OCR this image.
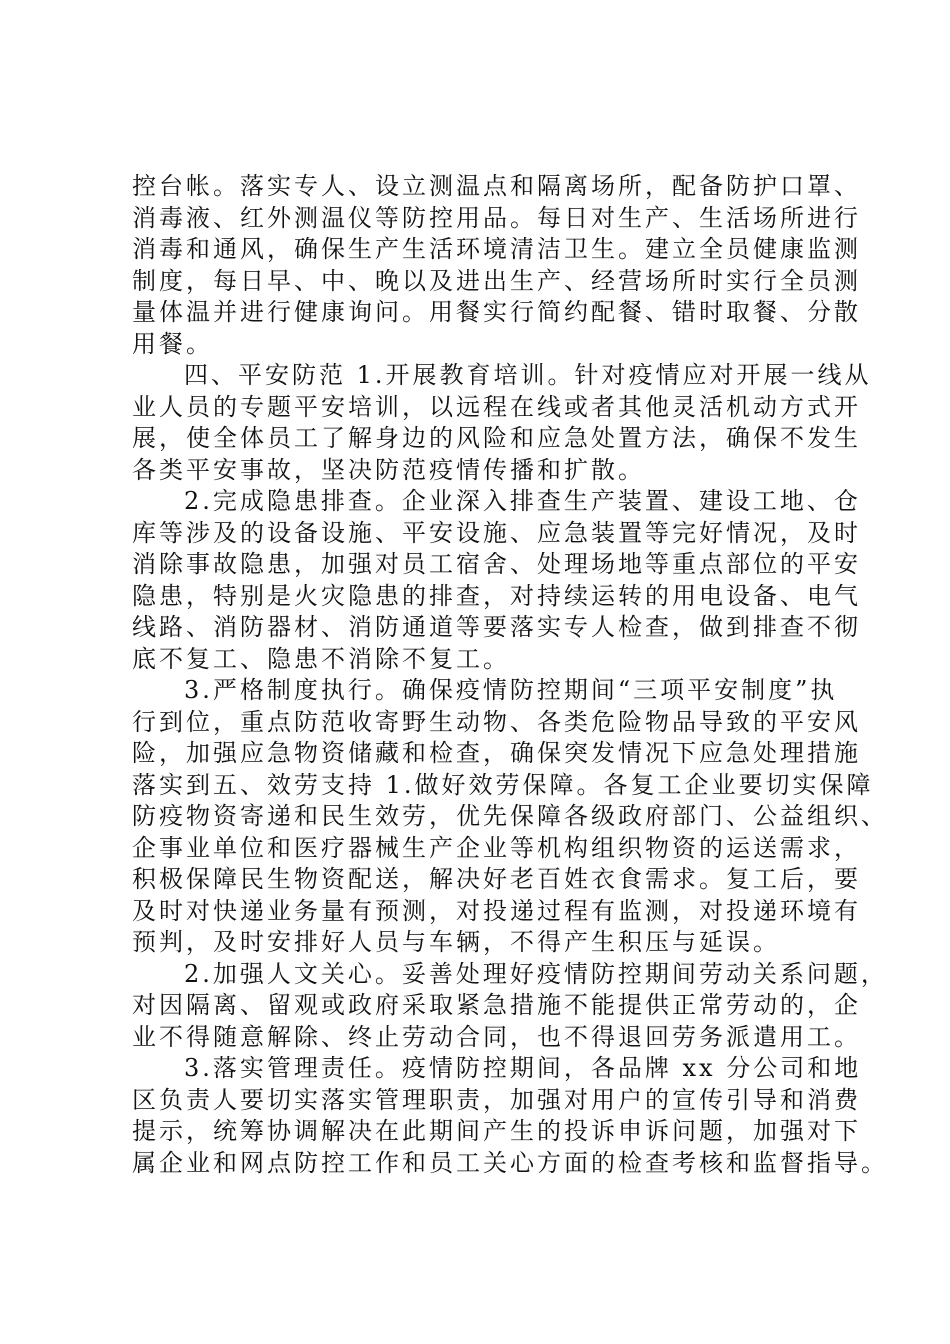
控台帐。落实专人、设立测温点和隔离场所，配备防护口罩、
消毒液、红外测温仪等防控用品。每日对生产、生活场所进行
消毒和通风，确保生产生活环境清洁卫生。建立全员健康监测
制度，每日早、中、晚以及进出生产、经营场所时实行全员测
量体温并进行健康询问。用餐实行简约配餐、错时取餐、分散
用餐。
四、平安防范 1.开展教育培训。针对疫情应对开展一线从
业人员的专题平安培训，以远程在线或者其他灵活机动方式开
展，使全体员工了解身边的风险和应急处置方法，确保不发生
各类平安事故，坚决防范疫情传播和扩散。
2.完成隐患排查。企业深入排查生产装置、建设工地、仓
库等涉及的设备设施、平安设施、应急装置等完好情况，及时
消除事故隐患，加强对员工宿舍、处理场地等重点部位的平安
隐患，特别是火灾隐患的排查，对持续运转的用电设备、电气
线路、消防器材、消防通道等要落实专人检查，做到排查不彻
底不复工、隐患不消除不复工。
3.严格制度执行。确保疫情防控期间“三项平安制度”执
行到位，重点防范收寄野生动物、各类危险物品导致的平安风
险，加强应急物资储藏和检查，确保突发情况下应急处理措施
落实到五、效劳支持 1.做好效劳保障。各复工企业要切实保障
防疫物资寄递和民生效劳，优先保障各级政府部门、公益组织、
企事业单位和医疗器械生产企业等机构组织物资的运送需求，
积极保障民生物资配送，解决好老百姓衣食需求。复工后，要
及时对快递业务量有预测，对投递过程有监测，对投递环境有
预判，及时安排好人员与车辆，不得产生积压与延误。
2.加强人文关心。妥善处理好疫情防控期间劳动关系问题，
对因隔离、留观或政府采取紧急措施不能提供正常劳动的，企
业不得随意解除、终止劳动合同，也不得退回劳务派遣用工。
3.落实管理责任。疫情防控期间，各品牌 xx 分公司和地
区负责人要切实落实管理职责，加强对用户的宣传引导和消费
提示，统筹协调解决在此期间产生的投诉申诉问题，加强对下
属企业和网点防控工作和员工关心方面的检查考核和监督指导。
